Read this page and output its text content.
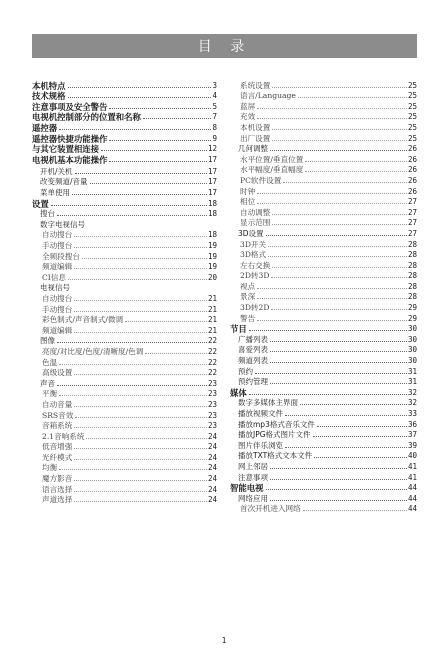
目 录
本机特点	3
技术规格	4
注意事项及安全警告	5
电视机控制部分的位置和名称	7
遥控器	8
遥控器快捷功能操作	9
与其它装置相连接	12
电视机基本功能操作	17
开机/关机	17
改变频道/音量	17
菜单使用	17
设置	18
搜台	18
数字电视信号
自动搜台	18
手动搜台	19
全频段搜台	19
频道编辑	19
CI信息	20
电视信号
自动搜台	21
手动搜台	21
彩色制式/声音制式/微调	21
频道编辑	21
图像	22
亮度/对比度/色度/清晰度/色调	22
色温	22
高级设置	22
声音	23
平衡	23
自动音量	23
SRS音效	23
音箱系统	23
2.1音响系统	24
低音增强	24
光纤模式	24
均衡	24
魔方影音	24
语言选择	24
声道选择	24
系统设置	25
语言/Language	25
蓝屏	25
充效	25
本机设置	25
出厂设置	25
几何调整	26
水平位置/垂直位置	26
水平幅度/垂直幅度	26
PC软件设置	26
时钟	26
相位	27
自动调整	27
显示范围	27
3D设置	27
3D开关	28
3D格式	28
左右交换	28
2D转3D	28
视点	28
景深	28
3D转2D	29
警告	29
节目	30
广播列表	30
喜爱列表	30
频道列表	30
预约	31
预约管理	31
媒体	32
数字多媒体主界面	32
播放视频文件	33
播放mp3格式音乐文件	36
播放JPG格式图片文件	37
图片伴乐浏览	39
播放TXT格式文本文件	40
网上邻居	41
注意事项	41
智能电视	44
网络应用	44
首次开机进入网络	44
1
